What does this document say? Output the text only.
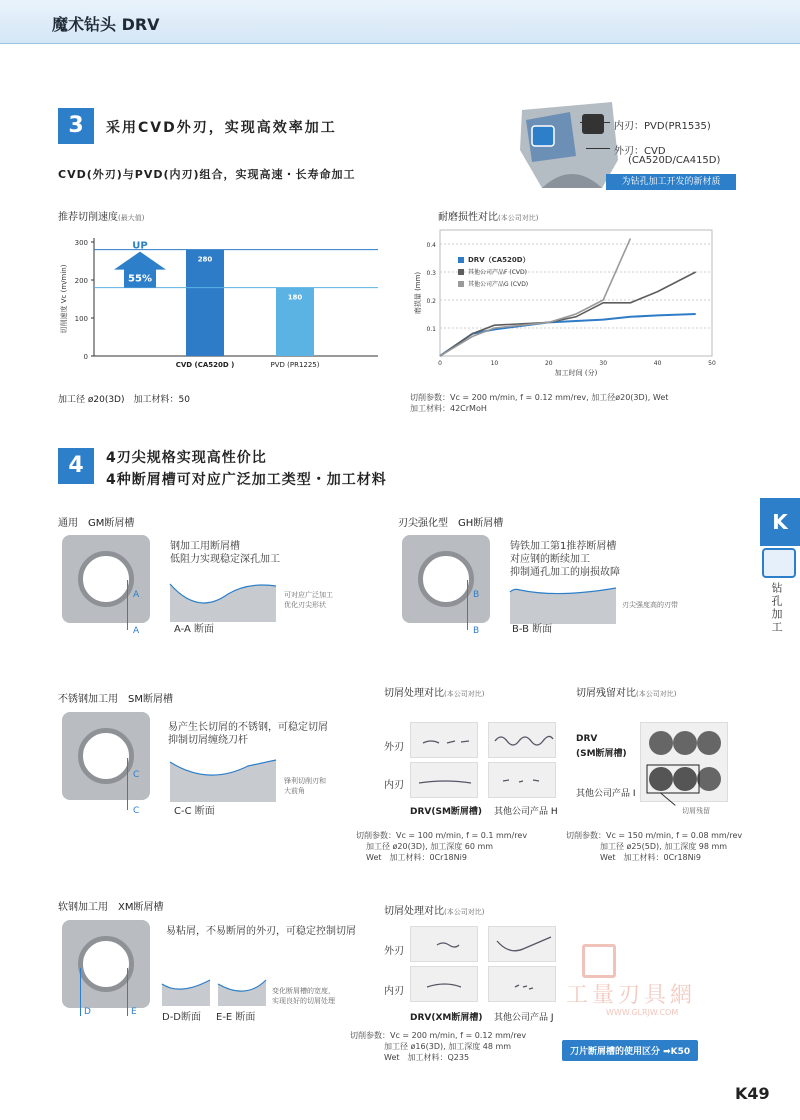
魔术钻头 DRV
3	采用CVD外刃，实现高效率加工
CVD(外刃)与PVD(内刃)组合，实现高速・长寿命加工
内刃：PVD(PR1535)
外刃：CVD
(CA520D/CA415D)
为钻孔加工开发的新材质
推荐切削速度(最大值)
0
100
200
300
切削速度 Vc (m/min)
280
CVD (CA520D )
180
PVD (PR1225)
UP
55%
加工径 ø20(3D)　加工材料：50
耐磨损性对比(本公司对比)
0.1
0.2
0.3
0.4
0	10	20	30	40	50
加工时间 (分)
磨损量 (mm)
DRV（CA520D）
其他公司产品F (CVD)
其他公司产品G (CVD)
切削参数：Vc = 200 m/min, f = 0.12 mm/rev, 加工径ø20(3D), Wet
加工材料：42CrMoH
4	4刃尖规格实现高性价比
4种断屑槽可对应广泛加工类型・加工材料
通用　GM断屑槽
A
A
钢加工用断屑槽
低阻力实现稳定深孔加工
可对应广泛加工
优化刃尖形状
A-A 断面
刃尖强化型　GH断屑槽
B
B
铸铁加工第1推荐断屑槽
对应钢的断续加工
抑制通孔加工的崩损故障
刃尖强度高的刃带
B-B 断面
不锈钢加工用　SM断屑槽
C
C
易产生长切屑的不锈钢，可稳定切屑
抑制切屑缠绕刀杆
锋利切削刃和
大前角
C-C 断面
切屑处理对比(本公司对比)
外刃
内刃
DRV(SM断屑槽) 其他公司产品 H
切削参数：Vc = 100 m/min, f = 0.1 mm/rev
加工径 ø20(3D), 加工深度 60 mm
Wet　加工材料：0Cr18Ni9
切屑残留对比(本公司对比)
DRV
(SM断屑槽)
其他公司产品 I
切屑残留
切削参数：Vc = 150 m/min, f = 0.08 mm/rev
加工径 ø25(5D), 加工深度 98 mm
Wet　加工材料：0Cr18Ni9
软钢加工用　XM断屑槽
D	E
易粘屑，不易断屑的外刃，可稳定控制切屑
变化断屑槽的宽度，
实现良好的切屑处理
D-D断面 E-E 断面
切屑处理对比(本公司对比)
外刃
内刃
DRV(XM断屑槽) 其他公司产品 J
切削参数：Vc = 200 m/min, f = 0.12 mm/rev
加工径 ø16(3D), 加工深度 48 mm
Wet　加工材料：Q235
工量刃具網
WWW.GLRJW.COM
刀片断屑槽的使用区分 ➡K50
K49
K
钻孔加工
